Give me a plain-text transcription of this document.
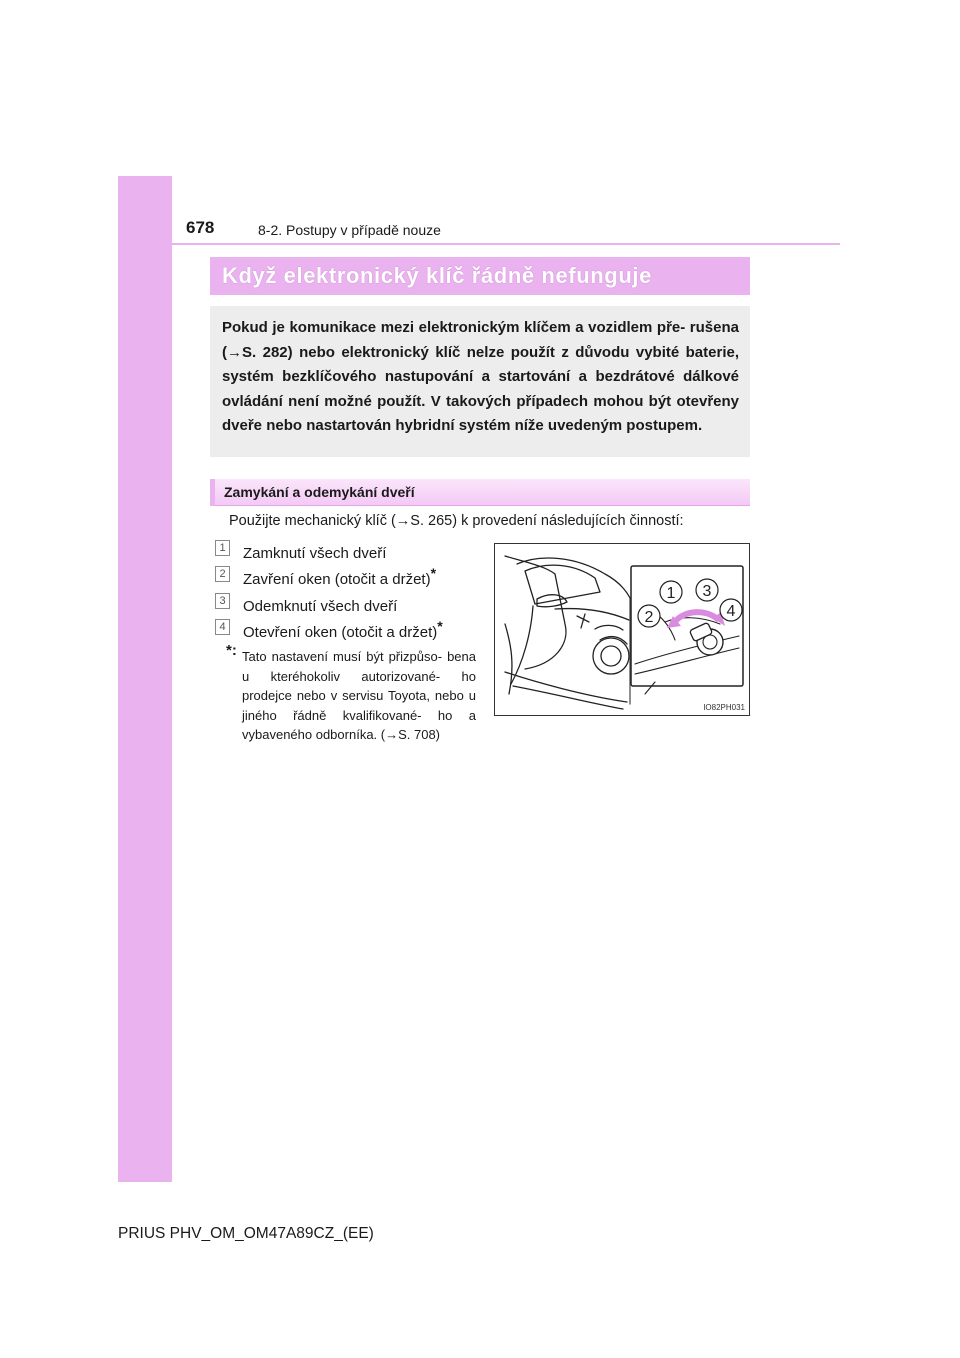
678	8-2. Postupy v případě nouze
Když elektronický klíč řádně nefunguje

Pokud je komunikace mezi elektronickým klíčem a vozidlem pře- rušena (→S. 282) nebo elektronický klíč nelze použít z důvodu vybité baterie, systém bezklíčového nastupování a startování a bezdrátové dálkové ovládání není možné použít. V takových případech mohou být otevřeny dveře nebo nastartován hybridní systém níže uvedeným postupem.

Zamykání a odemykání dveří
Použijte mechanický klíč (→S. 265) k provedení následujících činností:
1 Zamknutí všech dveří
2 Zavření oken (otočit a držet)*
3 Odemknutí všech dveří
4 Otevření oken (otočit a držet)*
*: Tato nastavení musí být přizpůso- bena u kteréhokoliv autorizované- ho prodejce nebo v servisu Toyota, nebo u jiného řádně kvalifikované- ho a vybaveného odborníka. (→S. 708)

1
2
3
4
IO82PH031
PRIUS PHV_OM_OM47A89CZ_(EE)
